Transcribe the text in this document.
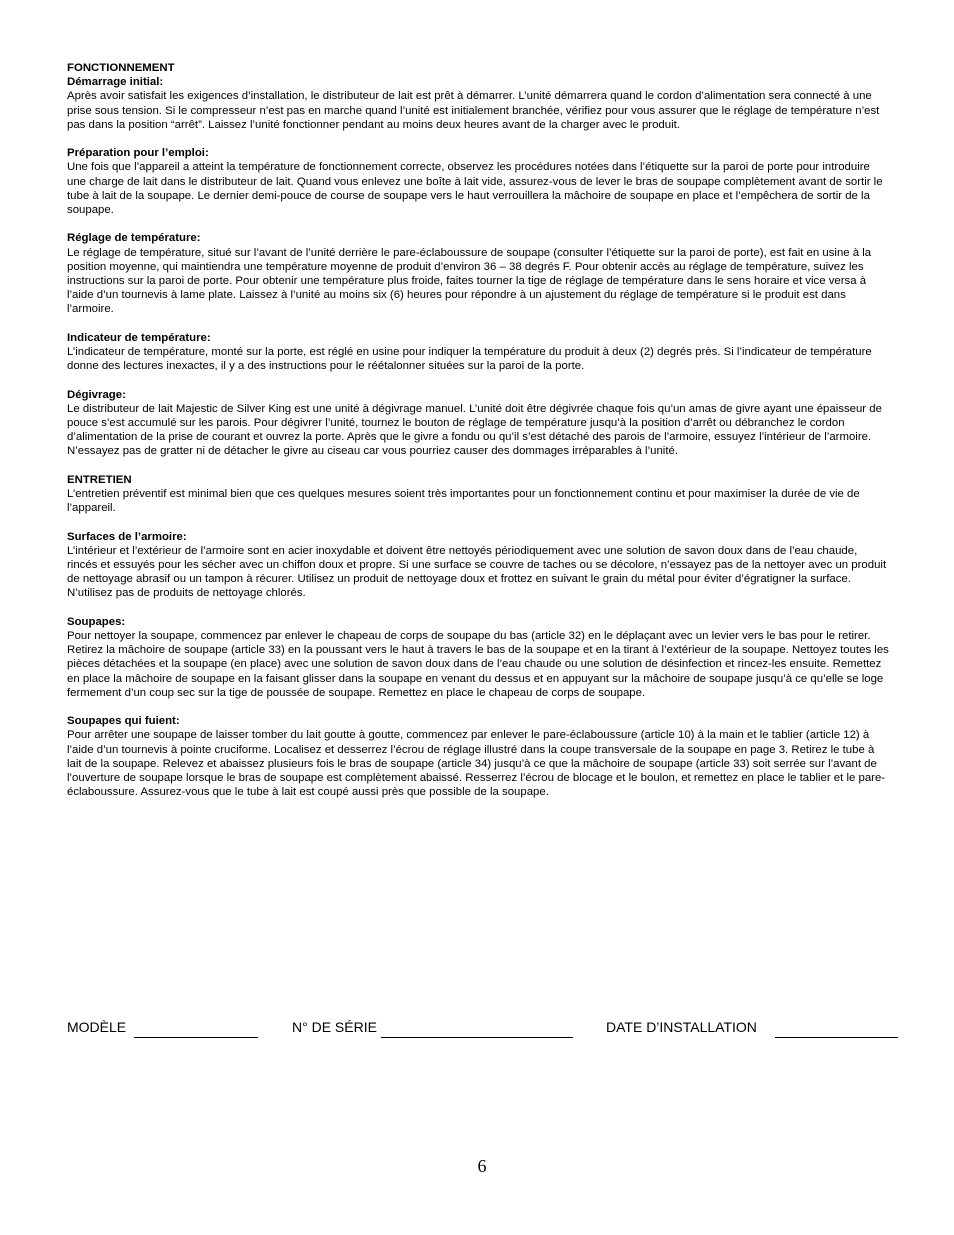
FONCTIONNEMENT

Démarrage initial:

Après avoir satisfait les exigences d’installation, le distributeur de lait est prêt à démarrer. L’unité démarrera quand le cordon d’alimentation sera connecté à une prise sous tension. Si le compresseur n’est pas en marche quand l’unité est initialement branchée, vérifiez pour vous assurer que le réglage de température n’est pas dans la position “arrêt”. Laissez l’unité fonctionner pendant au moins deux heures avant de la charger avec le produit.

Préparation pour l’emploi:

Une fois que l’appareil a atteint la température de fonctionnement correcte, observez les procédures notées dans l’étiquette sur la paroi de porte pour introduire une charge de lait dans le distributeur de lait. Quand vous enlevez une boîte à lait vide, assurez-vous de lever le bras de soupape complètement avant de sortir le tube à lait de la soupape. Le dernier demi-pouce de course de soupape vers le haut verrouillera la mâchoire de soupape en place et l’empêchera de sortir de la soupape.

Réglage de température:

Le réglage de température, situé sur l’avant de l’unité derrière le pare-éclaboussure de soupape (consulter l’étiquette sur la paroi de porte), est fait en usine à la position moyenne, qui maintiendra une température moyenne de produit d’environ 36 – 38 degrés F. Pour obtenir accès au réglage de température, suivez les instructions sur la paroi de porte. Pour obtenir une température plus froide, faites tourner la tige de réglage de température dans le sens horaire et vice versa à l’aide d’un tournevis à lame plate. Laissez à l’unité au moins six (6) heures pour répondre à un ajustement du réglage de température si le produit est dans l’armoire.

Indicateur de température:

L’indicateur de température, monté sur la porte, est réglé en usine pour indiquer la température du produit à deux (2) degrés près. Si l’indicateur de température donne des lectures inexactes, il y a des instructions pour le réétalonner situées sur la paroi de la porte.

Dégivrage:

Le distributeur de lait Majestic de Silver King est une unité à dégivrage manuel. L’unité doit être dégivrée chaque fois qu’un amas de givre ayant une épaisseur de pouce s’est accumulé sur les parois. Pour dégivrer l’unité, tournez le bouton de réglage de température jusqu’à la position d’arrêt ou débranchez le cordon d’alimentation de la prise de courant et ouvrez la porte. Après que le givre a fondu ou qu’il s’est détaché des parois de l’armoire, essuyez l’intérieur de l’armoire. N’essayez pas de gratter ni de détacher le givre au ciseau car vous pourriez causer des dommages irréparables à l’unité.

ENTRETIEN

L’entretien préventif est minimal bien que ces quelques mesures soient très importantes pour un fonctionnement continu et pour maximiser la durée de vie de l’appareil.

Surfaces de l’armoire:

L’intérieur et l’extérieur de l’armoire sont en acier inoxydable et doivent être nettoyés périodiquement avec une solution de savon doux dans de l’eau chaude, rincés et essuyés pour les sécher avec un chiffon doux et propre. Si une surface se couvre de taches ou se décolore, n’essayez pas de la nettoyer avec un produit de nettoyage abrasif ou un tampon à récurer. Utilisez un produit de nettoyage doux et frottez en suivant le grain du métal pour éviter d’égratigner la surface. N’utilisez pas de produits de nettoyage chlorés.

Soupapes:

Pour nettoyer la soupape, commencez par enlever le chapeau de corps de soupape du bas (article 32) en le déplaçant avec un levier vers le bas pour le retirer. Retirez la mâchoire de soupape (article 33) en la poussant vers le haut à travers le bas de la soupape et en la tirant à l’extérieur de la soupape. Nettoyez toutes les pièces détachées et la soupape (en place) avec une solution de savon doux dans de l’eau chaude ou une solution de désinfection et rincez-les ensuite. Remettez en place la mâchoire de soupape en la faisant glisser dans la soupape en venant du dessus et en appuyant sur la mâchoire de soupape jusqu’à ce qu’elle se loge fermement d’un coup sec sur la tige de poussée de soupape. Remettez en place le chapeau de corps de soupape.

Soupapes qui fuient:

Pour arrêter une soupape de laisser tomber du lait goutte à goutte, commencez par enlever le pare-éclaboussure (article 10) à la main et le tablier (article 12) à l’aide d’un tournevis à pointe cruciforme. Localisez et desserrez l’écrou de réglage illustré dans la coupe transversale de la soupape en page 3. Retirez le tube à lait de la soupape. Relevez et abaissez plusieurs fois le bras de soupape (article 34) jusqu’à ce que la mâchoire de soupape (article 33) soit serrée sur l’avant de l’ouverture de soupape lorsque le bras de soupape est complètement abaissé. Resserrez l’écrou de blocage et le boulon, et remettez en place le tablier et le pare-éclaboussure. Assurez-vous que le tube à lait est coupé aussi près que possible de la soupape.

MODÈLE	N° DE SÉRIE	DATE D’INSTALLATION
6
